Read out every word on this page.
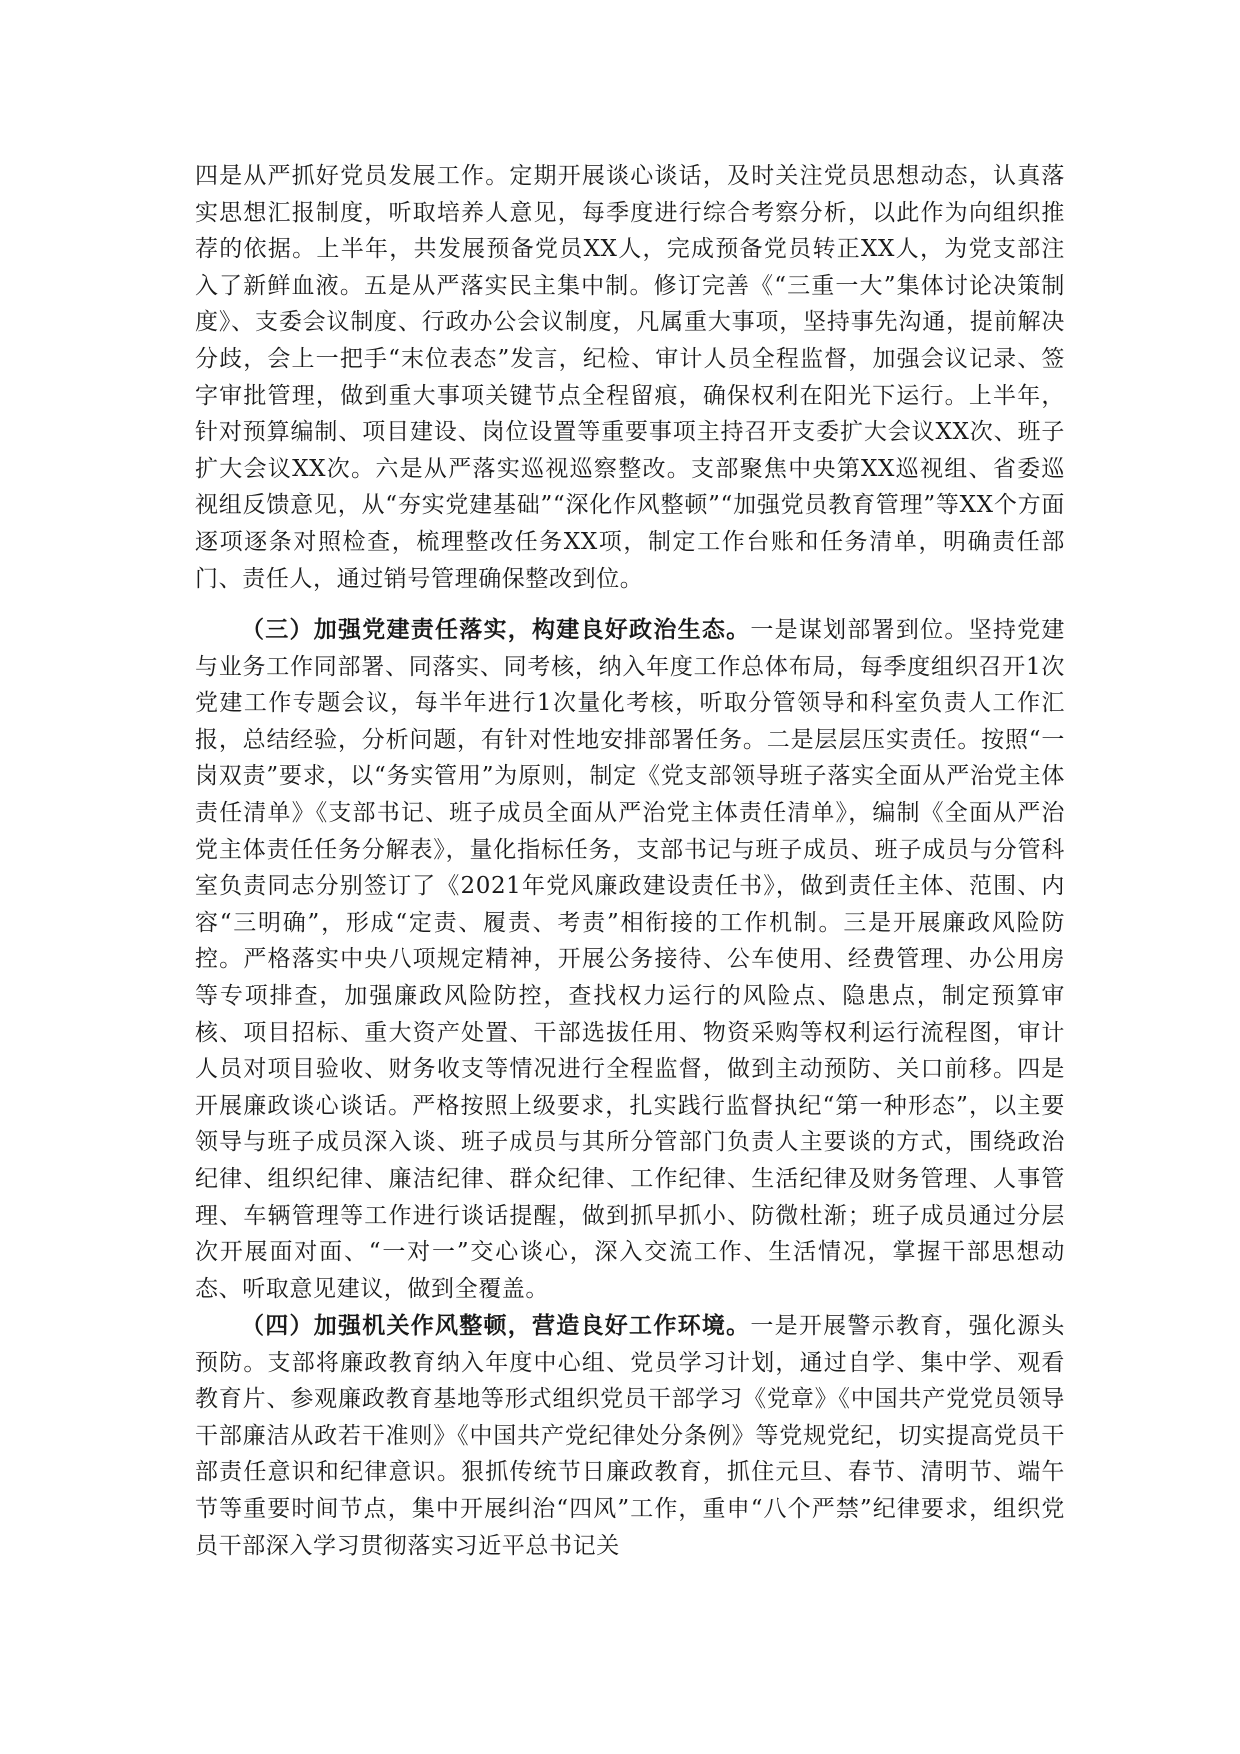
四是从严抓好党员发展工作。定期开展谈心谈话，及时关注党员思想动态，认真落实思想汇报制度，听取培养人意见，每季度进行综合考察分析，以此作为向组织推荐的依据。上半年，共发展预备党员XX人，完成预备党员转正XX人，为党支部注入了新鲜血液。五是从严落实民主集中制。修订完善《“三重一大”集体讨论决策制度》、支委会议制度、行政办公会议制度，凡属重大事项，坚持事先沟通，提前解决分歧，会上一把手“末位表态”发言，纪检、审计人员全程监督，加强会议记录、签字审批管理，做到重大事项关键节点全程留痕，确保权利在阳光下运行。上半年，针对预算编制、项目建设、岗位设置等重要事项主持召开支委扩大会议XX次、班子扩大会议XX次。六是从严落实巡视巡察整改。支部聚焦中央第XX巡视组、省委巡视组反馈意见，从“夯实党建基础”“深化作风整顿”“加强党员教育管理”等XX个方面逐项逐条对照检查，梳理整改任务XX项，制定工作台账和任务清单，明确责任部门、责任人，通过销号管理确保整改到位。

（三）加强党建责任落实，构建良好政治生态。一是谋划部署到位。坚持党建与业务工作同部署、同落实、同考核，纳入年度工作总体布局，每季度组织召开1次党建工作专题会议，每半年进行1次量化考核，听取分管领导和科室负责人工作汇报，总结经验，分析问题，有针对性地安排部署任务。二是层层压实责任。按照“一岗双责”要求，以“务实管用”为原则，制定《党支部领导班子落实全面从严治党主体责任清单》《支部书记、班子成员全面从严治党主体责任清单》，编制《全面从严治党主体责任任务分解表》，量化指标任务，支部书记与班子成员、班子成员与分管科室负责同志分别签订了《2021年党风廉政建设责任书》，做到责任主体、范围、内容“三明确”，形成“定责、履责、考责”相衔接的工作机制。三是开展廉政风险防控。严格落实中央八项规定精神，开展公务接待、公车使用、经费管理、办公用房等专项排查，加强廉政风险防控，查找权力运行的风险点、隐患点，制定预算审核、项目招标、重大资产处置、干部选拔任用、物资采购等权利运行流程图，审计人员对项目验收、财务收支等情况进行全程监督，做到主动预防、关口前移。四是开展廉政谈心谈话。严格按照上级要求，扎实践行监督执纪“第一种形态”，以主要领导与班子成员深入谈、班子成员与其所分管部门负责人主要谈的方式，围绕政治纪律、组织纪律、廉洁纪律、群众纪律、工作纪律、生活纪律及财务管理、人事管理、车辆管理等工作进行谈话提醒，做到抓早抓小、防微杜渐；班子成员通过分层次开展面对面、“一对一”交心谈心，深入交流工作、生活情况，掌握干部思想动态、听取意见建议，做到全覆盖。

（四）加强机关作风整顿，营造良好工作环境。一是开展警示教育，强化源头预防。支部将廉政教育纳入年度中心组、党员学习计划，通过自学、集中学、观看教育片、参观廉政教育基地等形式组织党员干部学习《党章》《中国共产党党员领导干部廉洁从政若干准则》《中国共产党纪律处分条例》等党规党纪，切实提高党员干部责任意识和纪律意识。狠抓传统节日廉政教育，抓住元旦、春节、清明节、端午节等重要时间节点，集中开展纠治“四风”工作，重申“八个严禁”纪律要求，组织党员干部深入学习贯彻落实习近平总书记关
